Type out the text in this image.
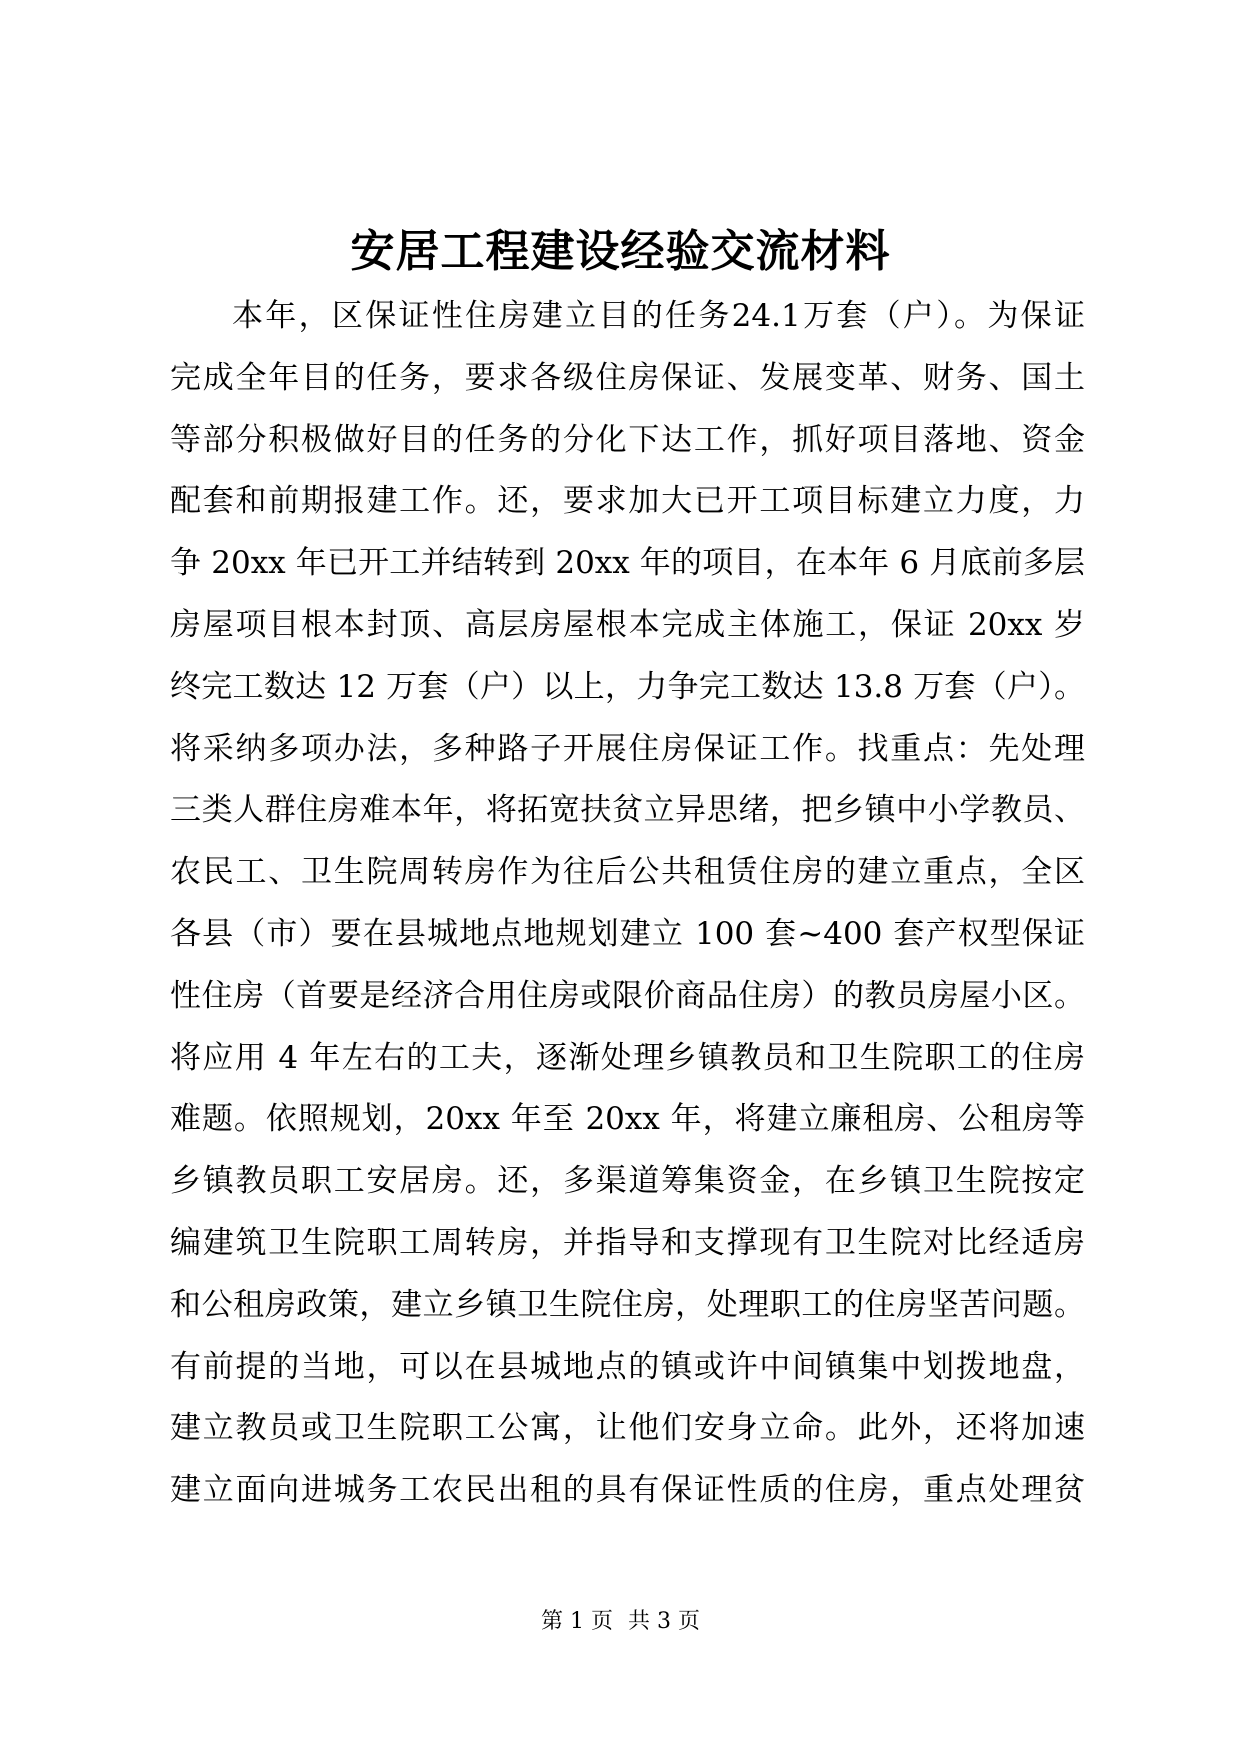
安居工程建设经验交流材料
本年，区保证性住房建立目的任务24.1万套（户）。为保证
完成全年目的任务，要求各级住房保证、发展变革、财务、国土
等部分积极做好目的任务的分化下达工作，抓好项目落地、资金
配套和前期报建工作。还，要求加大已开工项目标建立力度，力
争 20xx 年已开工并结转到 20xx 年的项目，在本年 6 月底前多层
房屋项目根本封顶、高层房屋根本完成主体施工，保证 20xx 岁
终完工数达 12 万套（户）以上，力争完工数达 13.8 万套（户）。
将采纳多项办法，多种路子开展住房保证工作。找重点：先处理
三类人群住房难本年，将拓宽扶贫立异思绪，把乡镇中小学教员、
农民工、卫生院周转房作为往后公共租赁住房的建立重点，全区
各县（市）要在县城地点地规划建立 100 套~400 套产权型保证
性住房（首要是经济合用住房或限价商品住房）的教员房屋小区。
将应用 4 年左右的工夫，逐渐处理乡镇教员和卫生院职工的住房
难题。依照规划，20xx 年至 20xx 年，将建立廉租房、公租房等
乡镇教员职工安居房。还，多渠道筹集资金，在乡镇卫生院按定
编建筑卫生院职工周转房，并指导和支撑现有卫生院对比经适房
和公租房政策，建立乡镇卫生院住房，处理职工的住房坚苦问题。
有前提的当地，可以在县城地点的镇或许中间镇集中划拨地盘，
建立教员或卫生院职工公寓，让他们安身立命。此外，还将加速
建立面向进城务工农民出租的具有保证性质的住房，重点处理贫
第 1 页 共 3 页
